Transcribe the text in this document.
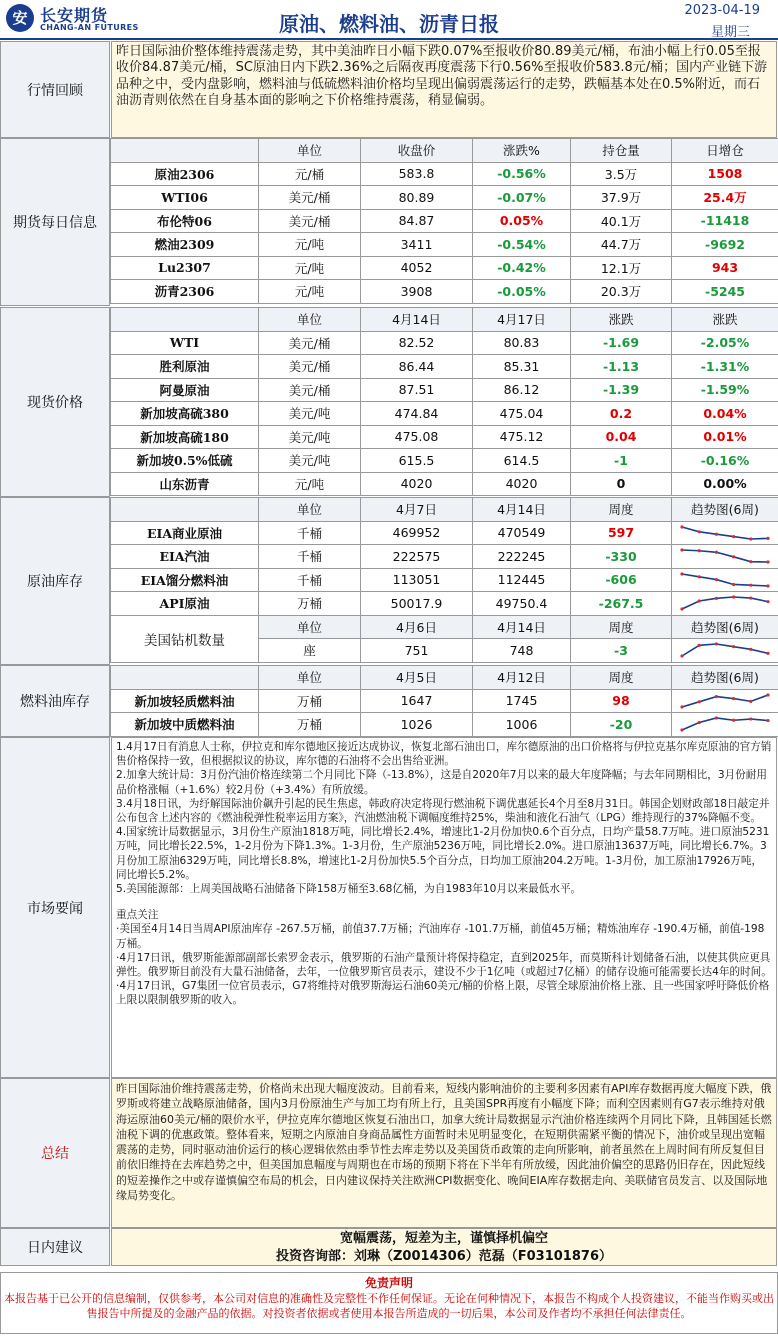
安 长安期货
CHANG-AN FUTURES	原油、燃料油、沥青日报
2023-04-19
星期三
行情回顾
昨日国际油价整体维持震荡走势，其中美油昨日小幅下跌0.07%至报收价80.89美元/桶，布油小幅上行0.05至报收价84.87美元/桶，SC原油日内下跌2.36%之后隔夜再度震荡下行0.56%至报收价583.8元/桶；国内产业链下游品种之中，受内盘影响，燃料油与低硫燃料油价格均呈现出偏弱震荡运行的走势，跌幅基本处在0.5%附近，而石油沥青则依然在自身基本面的影响之下价格维持震荡，稍显偏弱。
期货每日信息
	单位	收盘价	涨跌%	持仓量	日增仓
原油2306	元/桶	583.8	-0.56%	3.5万	1508
WTI06	美元/桶	80.89	-0.07%	37.9万	25.4万
布伦特06	美元/桶	84.87	0.05%	40.1万	-11418
燃油2309	元/吨	3411	-0.54%	44.7万	-9692
Lu2307	元/吨	4052	-0.42%	12.1万	943
沥青2306	元/吨	3908	-0.05%	20.3万	-5245
现货价格
	单位	4月14日	4月17日	涨跌	涨跌
WTI	美元/桶	82.52	80.83	-1.69	-2.05%
胜利原油	美元/桶	86.44	85.31	-1.13	-1.31%
阿曼原油	美元/桶	87.51	86.12	-1.39	-1.59%
新加坡高硫380	美元/吨	474.84	475.04	0.2	0.04%
新加坡高硫180	美元/吨	475.08	475.12	0.04	0.01%
新加坡0.5%低硫	美元/吨	615.5	614.5	-1	-0.16%
山东沥青	元/吨	4020	4020	0	0.00%
原油库存
	单位	4月7日	4月14日	周度	趋势图(6周)
EIA商业原油	千桶	469952	470549	597	

EIA汽油	千桶	222575	222245	-330	

EIA馏分燃料油	千桶	113051	112445	-606	

API原油	万桶	50017.9	49750.4	-267.5	

美国钻机数量	单位	4月6日	4月14日	周度	趋势图(6周)
	座	751	748	-3	
燃料油库存
	单位	4月5日	4月12日	周度	趋势图(6周)
新加坡轻质燃料油	万桶	1647	1745	98	

新加坡中质燃料油	万桶	1026	1006	-20	
市场要闻
1.4月17日有消息人士称，伊拉克和库尔德地区接近达成协议，恢复北部石油出口，库尔德原油的出口价格将与伊拉克基尔库克原油的官方销售价格保持一致，但根据拟议的协议，库尔德的石油将不会出售给亚洲。
2.加拿大统计局：3月份汽油价格连续第二个月同比下降（-13.8%），这是自2020年7月以来的最大年度降幅；与去年同期相比，3月份耐用品价格涨幅（+1.6%）较2月份（+3.4%）有所放缓。
3.4月18日讯，为纾解国际油价飙升引起的民生焦虑，韩政府决定将现行燃油税下调优惠延长4个月至8月31日。韩国企划财政部18日敲定并公布包含上述内容的《燃油税弹性税率运用方案》，汽油燃油税下调幅度维持25%，柴油和液化石油气（LPG）维持现行的37%降幅不变。
4.国家统计局数据显示，3月份生产原油1818万吨，同比增长2.4%，增速比1-2月份加快0.6个百分点，日均产量58.7万吨。进口原油5231万吨，同比增长22.5%，1-2月份为下降1.3%。1-3月份，生产原油5236万吨，同比增长2.0%。进口原油13637万吨，同比增长6.7%。3月份加工原油6329万吨，同比增长8.8%，增速比1-2月份加快5.5个百分点，日均加工原油204.2万吨。1-3月份，加工原油17926万吨，同比增长5.2%。
5.美国能源部：上周美国战略石油储备下降158万桶至3.68亿桶，为自1983年10月以来最低水平。
重点关注
·美国至4月14日当周API原油库存 -267.5万桶，前值37.7万桶；汽油库存 -101.7万桶，前值45万桶；精炼油库存 -190.4万桶，前值-198万桶。
·4月17日讯，俄罗斯能源部副部长索罗金表示，俄罗斯的石油产量预计将保持稳定，直到2025年，而莫斯科计划储备石油，以使其供应更具弹性。俄罗斯目前没有大量石油储备，去年，一位俄罗斯官员表示，建设不少于1亿吨（或超过7亿桶）的储存设施可能需要长达4年的时间。
·4月17日讯，G7集团一位官员表示，G7将维持对俄罗斯海运石油60美元/桶的价格上限，尽管全球原油价格上涨、且一些国家呼吁降低价格上限以限制俄罗斯的收入。
总结
昨日国际油价维持震荡走势，价格尚未出现大幅度波动。目前看来，短线内影响油价的主要利多因素有API库存数据再度大幅度下跌，俄罗斯或将建立战略原油储备，国内3月份原油生产与加工均有所上行，且美国SPR再度有小幅度下降；而利空因素则有G7表示维持对俄海运原油60美元/桶的限价水平，伊拉克库尔德地区恢复石油出口，加拿大统计局数据显示汽油价格连续两个月同比下降，且韩国延长燃油税下调的优惠政策。整体看来，短期之内原油自身商品属性方面暂时未见明显变化，在短期供需紧平衡的情况下，油价或呈现出宽幅震荡的走势，同时驱动油价运行的核心逻辑依然由季节性去库走势以及美国货币政策的走向所影响，前者虽然在上周时间有所反复但目前依旧维持在去库趋势之中，但美国加息幅度与周期也在市场的预期下将在下半年有所放缓，因此油价偏空的思路仍旧存在，因此短线的短差操作之中或存谨慎偏空布局的机会，日内建议保持关注欧洲CPI数据变化、晚间EIA库存数据走向、美联储官员发言、以及国际地缘局势变化。
日内建议
宽幅震荡，短差为主，谨慎择机偏空
投资咨询部：刘琳（Z0014306）范磊（F03101876）
免责声明
本报告基于已公开的信息编制，仅供参考，本公司对信息的准确性及完整性不作任何保证。无论在何种情况下，本报告不构成个人投资建议，不能当作购买或出售报告中所提及的金融产品的依据。对投资者依据或者使用本报告所造成的一切后果，本公司及作者均不承担任何法律责任。
